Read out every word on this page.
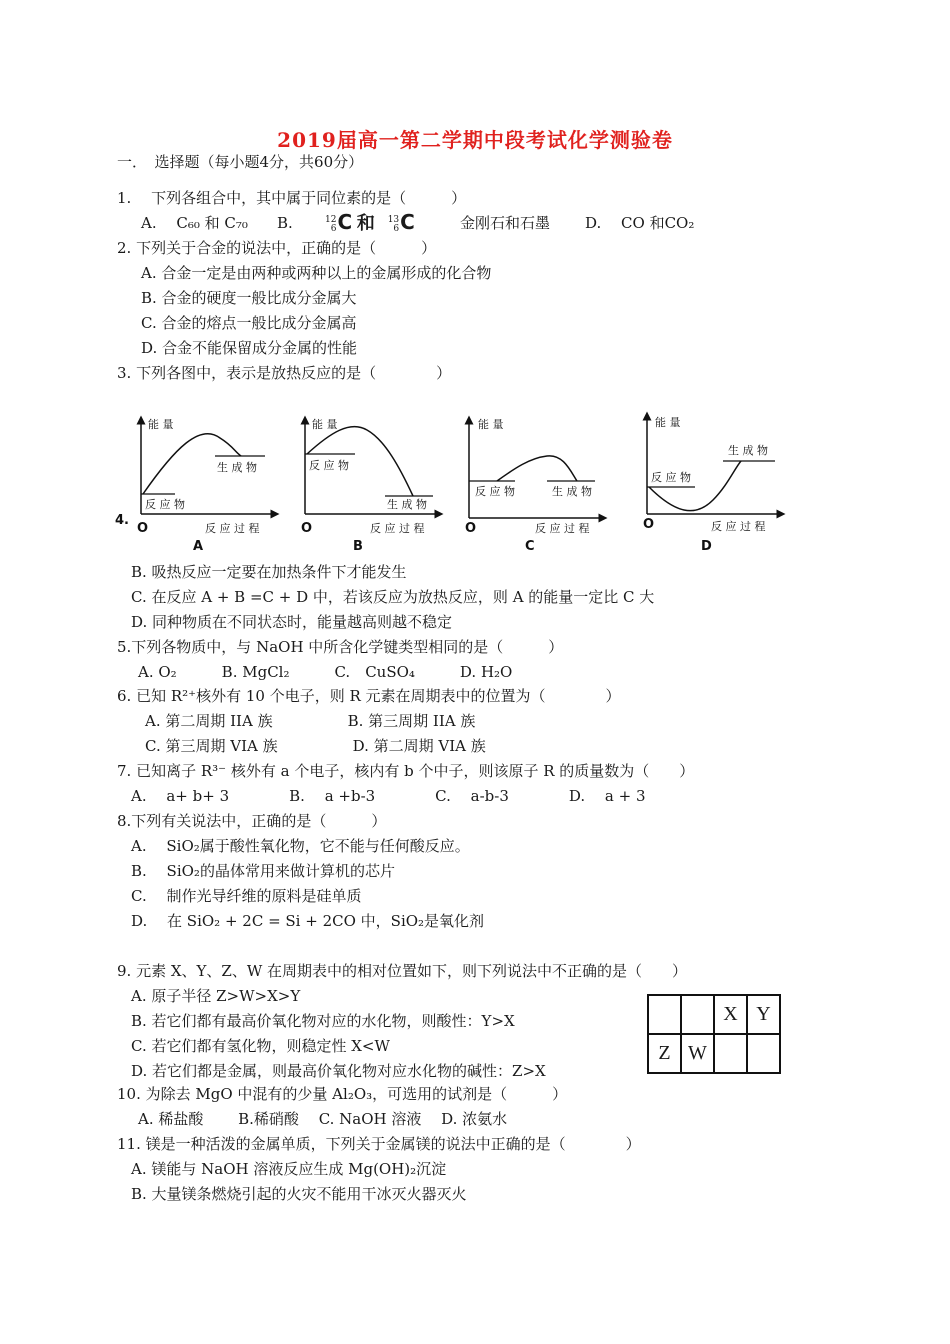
2019届高一第二学期中段考试化学测验卷
一．　选择题（每小题4分，共60分）
1.　 下列各组合中，其中属于同位素的是（　　　）
A.　 C₆₀ 和 C₇₀ B.	12
6C 和 13
6C	金刚石和石墨 D.　 CO 和CO₂
2. 下列关于合金的说法中，正确的是（　　　）
A. 合金一定是由两种或两种以上的金属形成的化合物
B. 合金的硬度一般比成分金属大
C. 合金的熔点一般比成分金属高
D. 合金不能保留成分金属的性能
3. 下列各图中，表示是放热反应的是（　　　　）
4.
能 量
生 成 物
反 应 物
O	反 应 过 程
A
能 量
反 应 物
生 成 物
O	反 应 过 程
B
能 量
反 应 物	生 成 物
O	反 应 过 程
C
能 量
反 应 物
生 成 物
O	反 应 过 程
D
B. 吸热反应一定要在加热条件下才能发生
C. 在反应 A + B =C + D 中，若该反应为放热反应，则 A 的能量一定比 C 大
D. 同种物质在不同状态时，能量越高则越不稳定
5.下列各物质中，与 NaOH 中所含化学键类型相同的是（　　　）
A. O₂　　　B. MgCl₂　　　C.　CuSO₄　　　D. H₂O
6. 已知 R²⁺核外有 10 个电子，则 R 元素在周期表中的位置为（　　　　）
A. 第二周期 IIA 族　　　　　B. 第三周期 IIA 族
C. 第三周期 VIA 族　　　　　D. 第二周期 VIA 族
7. 已知离子 R³⁻ 核外有 a 个电子，核内有 b 个中子，则该原子 R 的质量数为（　　）
A.　 a+ b+ 3　　　　B.　 a +b-3　　　　C.　 a-b-3　　　　D.　 a + 3
8.下列有关说法中，正确的是（　　　）
A.　 SiO₂属于酸性氧化物，它不能与任何酸反应。
B.　 SiO₂的晶体常用来做计算机的芯片
C.　 制作光导纤维的原料是硅单质
D.　 在 SiO₂ + 2C = Si + 2CO 中，SiO₂是氧化剂
9. 元素 X、Y、Z、W 在周期表中的相对位置如下，则下列说法中不正确的是（　　）
A. 原子半径 Z>W>X>Y
B. 若它们都有最高价氧化物对应的水化物，则酸性：Y>X
C. 若它们都有氢化物，则稳定性 X<W
D. 若它们都是金属，则最高价氧化物对应水化物的碱性：Z>X
		X	Y
Z	W		
10. 为除去 MgO 中混有的少量 Al₂O₃，可选用的试剂是（　　　）
A. 稀盐酸　　 B.稀硝酸　 C. NaOH 溶液　 D. 浓氨水
11. 镁是一种活泼的金属单质，下列关于金属镁的说法中正确的是（　　　　）
A. 镁能与 NaOH 溶液反应生成 Mg(OH)₂沉淀
B. 大量镁条燃烧引起的火灾不能用干冰灭火器灭火
